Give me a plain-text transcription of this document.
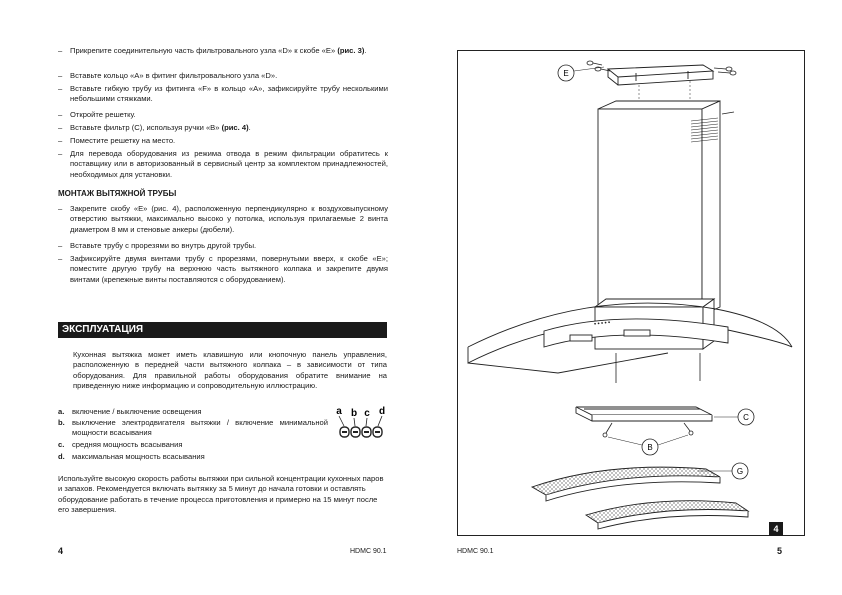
– Прикрепите соединительную часть фильтровального узла «D» к скобе «E» (рис. 3).
– Вставьте кольцо «A» в фитинг фильтровального узла «D».
– Вставьте гибкую трубу из фитинга «F» в кольцо «A», зафиксируйте трубу несколькими небольшими стяжками.
– Откройте решетку.
– Вставьте фильтр (C), используя ручки «B» (рис. 4).
– Поместите решетку на место.
– Для перевода оборудования из режима отвода в режим фильтрации обратитесь к поставщику или в авторизованный в сервисный центр за комплектом принадлежностей, необходимых для установки.
МОНТАЖ ВЫТЯЖНОЙ ТРУБЫ
– Закрепите скобу «E» (рис. 4), расположенную перпендикулярно к воздуховыпускному отверстию вытяжки, максимально высоко у потолка, используя прилагаемые 2 винта диаметром 8 мм и стеновые анкеры (дюбели).
– Вставьте трубу с прорезями во внутрь другой трубы.
– Зафиксируйте двумя винтами трубу с прорезями, повернутыми вверх, к скобе «E»; поместите другую трубу на верхнюю часть вытяжного колпака и закрепите двумя винтами (крепежные винты поставляются с оборудованием).
ЭКСПЛУАТАЦИЯ
Кухонная вытяжка может иметь клавишную или кнопочную панель управления, расположенную в передней части вытяжного колпака – в зависимости от типа оборудования. Для правильной работы оборудования обратите внимание на приведенную ниже информацию и сопроводительную иллюстрацию.
a. включение / выключение освещения
b. выключение электродвигателя вытяжки / включение минимальной мощности всасывания
c. средняя мощность всасывания
d. максимальная мощность всасывания
a b c d
Используйте высокую скорость работы вытяжки при сильной концентрации кухонных паров и запахов. Рекомендуется включать вытяжку за 5 минут до начала готовки и оставлять оборудование работать в течение процесса приготовления и примерно на 15 минут после его завершения.
4	HDMC 90.1
E
● ● ● ● ●
C
B
G
4
HDMC 90.1	5
